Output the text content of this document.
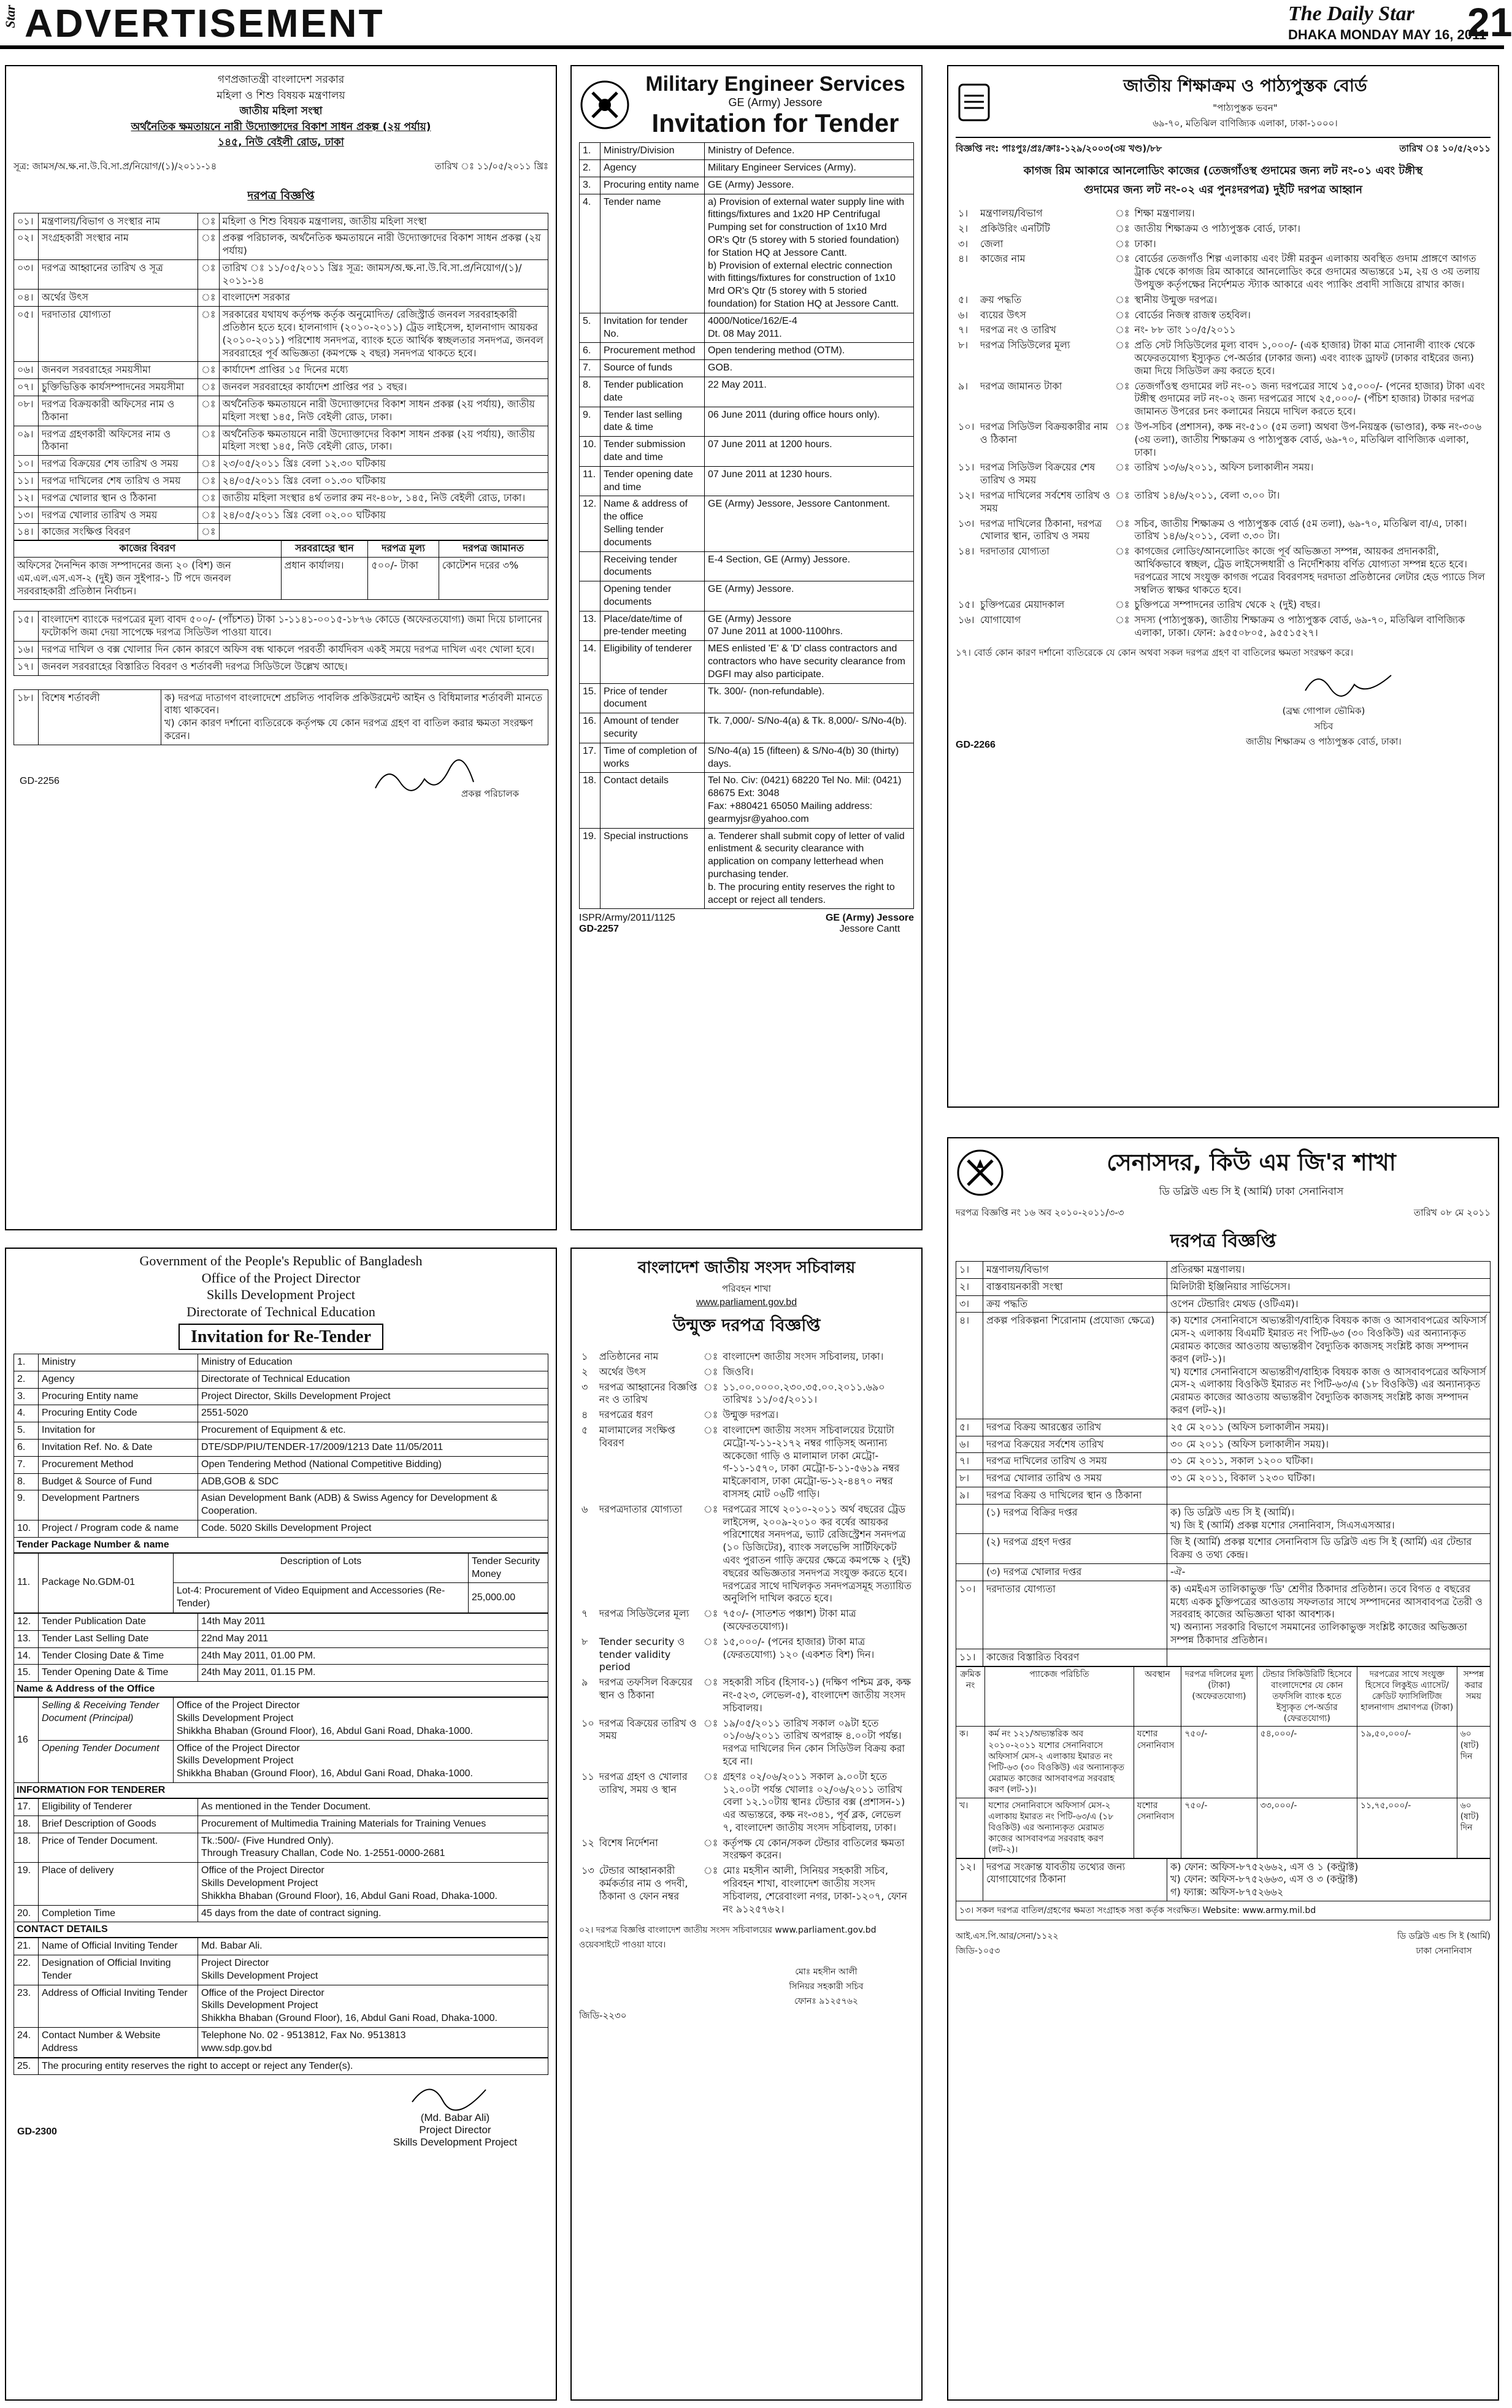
Star ADVERTISEMENT	The Daily Star
DHAKA MONDAY MAY 16, 2011
21
গণপ্রজাতন্ত্রী বাংলাদেশ সরকার
মহিলা ও শিশু বিষয়ক মন্ত্রণালয়
জাতীয় মহিলা সংস্থা
অর্থনৈতিক ক্ষমতায়নে নারী উদ্যোক্তাদের বিকাশ সাধন প্রকল্প (২য় পর্যায়)
১৪৫, নিউ বেইলী রোড, ঢাকা
সূত্র: জামস/অ.ক্ষ.না.উ.বি.সা.প্র/নিয়োগ/(১)/২০১১-১৪	তারিখ ঃ ১১/০৫/২০১১ খ্রিঃ
দরপত্র বিজ্ঞপ্তি
০১।	মন্ত্রণালয়/বিভাগ ও সংস্থার নাম	ঃ	মহিলা ও শিশু বিষয়ক মন্ত্রণালয়, জাতীয় মহিলা সংস্থা
০২।	সংগ্রহকারী সংস্থার নাম	ঃ	প্রকল্প পরিচালক, অর্থনৈতিক ক্ষমতায়নে নারী উদ্যোক্তাদের বিকাশ সাধন প্রকল্প (২য় পর্যায়)
০৩।	দরপত্র আহ্বানের তারিখ ও সূত্র	ঃ	তারিখ ঃ ১১/০৫/২০১১ খ্রিঃ সূত্র: জামস/অ.ক্ষ.না.উ.বি.সা.প্র/নিয়োগ/(১)/২০১১-১৪
০৪।	অর্থের উৎস	ঃ	বাংলাদেশ সরকার
০৫।	দরদাতার যোগ্যতা	ঃ	সরকারের যথাযথ কর্তৃপক্ষ কর্তৃক অনুমোদিত/ রেজিস্ট্রার্ড জনবল সরবরাহকারী প্রতিষ্ঠান হতে হবে। হালনাগাদ (২০১০-২০১১) ট্রেড লাইসেন্স, হালনাগাদ আয়কর (২০১০-২০১১) পরিশোধ সনদপত্র, ব্যাংক হতে আর্থিক স্বচ্ছলতার সনদপত্র, জনবল সরবরাহের পূর্ব অভিজ্ঞতা (কমপক্ষে ২ বছর) সনদপত্র থাকতে হবে।
০৬।	জনবল সরবরাহের সময়সীমা	ঃ	কার্যাদেশ প্রাপ্তির ১৫ দিনের মধ্যে
০৭।	চুক্তিভিত্তিক কার্যসম্পাদনের সময়সীমা	ঃ	জনবল সরবরাহের কার্যাদেশ প্রাপ্তির পর ১ বছর।
০৮।	দরপত্র বিক্রয়কারী অফিসের নাম ও ঠিকানা	ঃ	অর্থনৈতিক ক্ষমতায়নে নারী উদ্যোক্তাদের বিকাশ সাধন প্রকল্প (২য় পর্যায়), জাতীয় মহিলা সংস্থা ১৪৫, নিউ বেইলী রোড, ঢাকা।
০৯।	দরপত্র গ্রহণকারী অফিসের নাম ও ঠিকানা	ঃ	অর্থনৈতিক ক্ষমতায়নে নারী উদ্যোক্তাদের বিকাশ সাধন প্রকল্প (২য় পর্যায়), জাতীয় মহিলা সংস্থা ১৪৫, নিউ বেইলী রোড, ঢাকা।
১০।	দরপত্র বিক্রয়ের শেষ তারিখ ও সময়	ঃ	২৩/০৫/২০১১ খ্রিঃ বেলা ১২.৩০ ঘটিকায়
১১।	দরপত্র দাখিলের শেষ তারিখ ও সময়	ঃ	২৪/০৫/২০১১ খ্রিঃ বেলা ০১.৩০ ঘটিকায়
১২।	দরপত্র খোলার স্থান ও ঠিকানা	ঃ	জাতীয় মহিলা সংস্থার ৪র্থ তলার রুম নং-৪০৮, ১৪৫, নিউ বেইলী রোড, ঢাকা।
১৩।	দরপত্র খোলার তারিখ ও সময়	ঃ	২৪/০৫/২০১১ খ্রিঃ বেলা ০২.০০ ঘটিকায়
১৪।	কাজের সংক্ষিপ্ত বিবরণ	ঃ	
কাজের বিবরণ	সরবরাহের স্থান	দরপত্র মূল্য	দরপত্র জামানত
অফিসের দৈনন্দিন কাজ সম্পাদনের জন্য ২০ (বিশ) জন এম.এল.এস.এস-২ (দুই) জন সুইপার-১ টি পদে জনবল সরবরাহকারী প্রতিষ্ঠান নির্বাচন।	প্রধান কার্যালয়।	৫০০/- টাকা	কোটেশন দরের ৩%
১৫।	বাংলাদেশ ব্যাংকে দরপত্রের মূল্য বাবদ ৫০০/- (পাঁচশত) টাকা ১-১১৪১-০০১৫-১৮৭৬ কোডে (অফেরতযোগ্য) জমা দিয়ে চালানের ফটোকপি জমা দেয়া সাপেক্ষে দরপত্র সিডিউল পাওয়া যাবে।
১৬।	দরপত্র দাখিল ও বক্স খোলার দিন কোন কারণে অফিস বন্ধ থাকলে পরবর্তী কার্যদিবস একই সময়ে দরপত্র দাখিল এবং খোলা হবে।
১৭।	জনবল সরবরাহের বিস্তারিত বিবরণ ও শর্তাবলী দরপত্র সিডিউলে উল্লেখ আছে।
১৮।	বিশেষ শর্তাবলী	ক) দরপত্র দাতাগণ বাংলাদেশে প্রচলিত পাবলিক প্রকিউরমেন্ট আইন ও বিধিমালার শর্তাবলী মানতে বাধ্য থাকবেন।
খ) কোন কারণ দর্শানো ব্যতিরেকে কর্তৃপক্ষ যে কোন দরপত্র গ্রহণ বা বাতিল করার ক্ষমতা সংরক্ষণ করেন।
প্রকল্প পরিচালক
GD-2256
Military Engineer Services
GE (Army) Jessore
Invitation for Tender
1.	Ministry/Division	Ministry of Defence.
2.	Agency	Military Engineer Services (Army).
3.	Procuring entity name	GE (Army) Jessore.
4.	Tender name	a) Provision of external water supply line with fittings/fixtures and 1x20 HP Centrifugal Pumping set for construction of 1x10 Mrd OR's Qtr (5 storey with 5 storied foundation) for Station HQ at Jessore Cantt.
b) Provision of external electric connection with fittings/fixtures for construction of 1x10 Mrd OR's Qtr (5 storey with 5 storied foundation) for Station HQ at Jessore Cantt.
5.	Invitation for tender No.	4000/Notice/162/E-4
Dt. 08 May 2011.
6.	Procurement method	Open tendering method (OTM).
7.	Source of funds	GOB.
8.	Tender publication date	22 May 2011.
9.	Tender last selling date & time	06 June 2011 (during office hours only).
10.	Tender submission date and time	07 June 2011 at 1200 hours.
11.	Tender opening date and time	07 June 2011 at 1230 hours.
12.	Name & address of the office
Selling tender documents	GE (Army) Jessore, Jessore Cantonment.
	Receiving tender documents	E-4 Section, GE (Army) Jessore.
	Opening tender documents	GE (Army) Jessore.
13.	Place/date/time of pre-tender meeting	GE (Army) Jessore
07 June 2011 at 1000-1100hrs.
14.	Eligibility of tenderer	MES enlisted 'E' & 'D' class contractors and contractors who have security clearance from DGFI may also participate.
15.	Price of tender document	Tk. 300/- (non-refundable).
16.	Amount of tender security	Tk. 7,000/- S/No-4(a) & Tk. 8,000/- S/No-4(b).
17.	Time of completion of works	S/No-4(a) 15 (fifteen) & S/No-4(b) 30 (thirty) days.
18.	Contact details	Tel No. Civ: (0421) 68220 Tel No. Mil: (0421) 68675 Ext: 3048
Fax: +880421 65050 Mailing address: gearmyjsr@yahoo.com
19.	Special instructions	a. Tenderer shall submit copy of letter of valid enlistment & security clearance with application on company letterhead when purchasing tender.
b. The procuring entity reserves the right to accept or reject all tenders.
ISPR/Army/2011/1125
GD-2257
GE (Army) Jessore
Jessore Cantt
জাতীয় শিক্ষাক্রম ও পাঠ্যপুস্তক বোর্ড
"পাঠ্যপুস্তক ভবন"
৬৯-৭০, মতিঝিল বাণিজ্যিক এলাকা, ঢাকা-১০০০।
বিজ্ঞপ্তি নং: পাঃপুঃ/প্রঃ/ক্রাঃ-১২৯/২০০৩(৩য় খণ্ড)/৮৮	তারিখ ঃ ১০/৫/২০১১
কাগজ রিম আকারে আনলোডিং কাজের (তেজগাঁওস্থ গুদামের জন্য লট নং-০১ এবং টঙ্গীস্থ
গুদামের জন্য লট নং-০২ এর পুনঃদরপত্র) দুইটি দরপত্র আহ্বান
১।	মন্ত্রণালয়/বিভাগ	ঃ	শিক্ষা মন্ত্রণালয়।
২।	প্রকিউরিং এনটিটি	ঃ	জাতীয় শিক্ষাক্রম ও পাঠ্যপুস্তক বোর্ড, ঢাকা।
৩।	জেলা	ঃ	ঢাকা।
৪।	কাজের নাম	ঃ	বোর্ডের তেজগাঁও শিল্প এলাকায় এবং টঙ্গী মরকুন এলাকায় অবস্থিত গুদাম প্রাঙ্গণে আগত ট্রাক থেকে কাগজ রিম আকারে আনলোডিং করে গুদামের অভ্যন্তরে ১ম, ২য় ও ৩য় তলায় উপযুক্ত কর্তৃপক্ষের নির্দেশমত স্ট্যাক আকারে এবং প্যাকিং প্রবাদী সাজিয়ে রাখার কাজ।
৫।	ক্রয় পদ্ধতি	ঃ	স্থানীয় উন্মুক্ত দরপত্র।
৬।	ব্যয়ের উৎস	ঃ	বোর্ডের নিজস্ব রাজস্ব তহবিল।
৭।	দরপত্র নং ও তারিখ	ঃ	নং- ৮৮ তাং ১০/৫/২০১১
৮।	দরপত্র সিডিউলের মূল্য	ঃ	প্রতি সেট সিডিউলের মূল্য বাবদ ১,০০০/- (এক হাজার) টাকা মাত্র সোনালী ব্যাংক থেকে অফেরতযোগ্য ইস্যুকৃত পে-অর্ডার (ঢাকার জন্য) এবং ব্যাংক ড্রাফট (ঢাকার বাইরের জন্য) জমা দিয়ে সিডিউল ক্রয় করতে হবে।
৯।	দরপত্র জামানত টাকা	ঃ	তেজগাঁওস্থ গুদামের লট নং-০১ জন্য দরপত্রের সাথে ১৫,০০০/- (পনের হাজার) টাকা এবং টঙ্গীস্থ গুদামের লট নং-০২ জন্য দরপত্রের সাথে ২৫,০০০/- (পঁচিশ হাজার) টাকার দরপত্র জামানত উপরের চনং কলামের নিয়মে দাখিল করতে হবে।
১০।	দরপত্র সিডিউল বিক্রয়কারীর নাম ও ঠিকানা	ঃ	উপ-সচিব (প্রশাসন), কক্ষ নং-৫১০ (৫ম তলা) অথবা উপ-নিয়ন্ত্রক (ভাণ্ডার), কক্ষ নং-৩০৬ (৩য় তলা), জাতীয় শিক্ষাক্রম ও পাঠ্যপুস্তক বোর্ড, ৬৯-৭০, মতিঝিল বাণিজ্যিক এলাকা, ঢাকা।
১১।	দরপত্র সিডিউল বিক্রয়ের শেষ তারিখ ও সময়	ঃ	তারিখ ১৩/৬/২০১১, অফিস চলাকালীন সময়।
১২।	দরপত্র দাখিলের সর্বশেষ তারিখ ও সময়	ঃ	তারিখ ১৪/৬/২০১১, বেলা ৩.০০ টা।
১৩।	দরপত্র দাখিলের ঠিকানা, দরপত্র খোলার স্থান, তারিখ ও সময়	ঃ	সচিব, জাতীয় শিক্ষাক্রম ও পাঠ্যপুস্তক বোর্ড (৫ম তলা), ৬৯-৭০, মতিঝিল বা/এ, ঢাকা। তারিখ ১৪/৬/২০১১, বেলা ৩.৩০ টা।
১৪।	দরদাতার যোগ্যতা	ঃ	কাগজের লোডিং/আনলোডিং কাজে পূর্ব অভিজ্ঞতা সম্পন্ন, আয়কর প্রদানকারী, আর্থিকভাবে স্বচ্ছল, ট্রেড লাইসেন্সধারী ও নির্দেশিকায় বর্ণিত যোগ্যতা সম্পন্ন হতে হবে। দরপত্রের সাথে সংযুক্ত কাগজ পত্রের বিবরণসহ দরদাতা প্রতিষ্ঠানের লেটার হেড প্যাডে সিল সম্বলিত স্বাক্ষর থাকতে হবে।
১৫।	চুক্তিপত্রের মেয়াদকাল	ঃ	চুক্তিপত্রে সম্পাদনের তারিখ থেকে ২ (দুই) বছর।
১৬।	যোগাযোগ	ঃ	সদস্য (পাঠ্যপুস্তক), জাতীয় শিক্ষাক্রম ও পাঠ্যপুস্তক বোর্ড, ৬৯-৭০, মতিঝিল বাণিজ্যিক এলাকা, ঢাকা। ফোন: ৯৫৫০৮০৫, ৯৫৫১৫২৭।
১৭। বোর্ড কোন কারণ দর্শানো ব্যতিরেকে যে কোন অথবা সকল দরপত্র গ্রহণ বা বাতিলের ক্ষমতা সংরক্ষণ করে।
(ব্রহ্ম গোপাল ভৌমিক)
সচিব
জাতীয় শিক্ষাক্রম ও পাঠ্যপুস্তক বোর্ড, ঢাকা।
GD-2266
Government of the People's Republic of Bangladesh
Office of the Project Director
Skills Development Project
Directorate of Technical Education
Invitation for Re-Tender
1.	Ministry	Ministry of Education
2.	Agency	Directorate of Technical Education
3.	Procuring Entity name	Project Director, Skills Development Project
4.	Procuring Entity Code	2551-5020
5.	Invitation for	Procurement of Equipment & etc.
6.	Invitation Ref. No. & Date	DTE/SDP/PIU/TENDER-17/2009/1213 Date 11/05/2011
7.	Procurement Method	Open Tendering Method (National Competitive Bidding)
8.	Budget & Source of Fund	ADB,GOB & SDC
9.	Development Partners	Asian Development Bank (ADB) & Swiss Agency for Development & Cooperation.
10.	Project / Program code & name	Code. 5020 Skills Development Project
Tender Package Number & name
11.	Package No.GDM-01	Description of Lots	Tender Security Money
		Lot-4: Procurement of Video Equipment and Accessories (Re-Tender)	25,000.00
12.	Tender Publication Date	14th May 2011
13.	Tender Last Selling Date	22nd May 2011
14.	Tender Closing Date & Time	24th May 2011, 01.00 PM.
15.	Tender Opening Date & Time	24th May 2011, 01.15 PM.
Name & Address of the Office
16	Selling & Receiving Tender Document (Principal)	Office of the Project Director
Skills Development Project
Shikkha Bhaban (Ground Floor), 16, Abdul Gani Road, Dhaka-1000.
	Opening Tender Document	Office of the Project Director
Skills Development Project
Shikkha Bhaban (Ground Floor), 16, Abdul Gani Road, Dhaka-1000.
INFORMATION FOR TENDERER
17.	Eligibility of Tenderer	As mentioned in the Tender Document.
18.	Brief Description of Goods	Procurement of Multimedia Training Materials for Training Venues
18.	Price of Tender Document.	Tk.:500/- (Five Hundred Only).
Through Treasury Challan, Code No. 1-2551-0000-2681
19.	Place of delivery	Office of the Project Director
Skills Development Project
Shikkha Bhaban (Ground Floor), 16, Abdul Gani Road, Dhaka-1000.
20.	Completion Time	45 days from the date of contract signing.
CONTACT DETAILS
21.	Name of Official Inviting Tender	Md. Babar Ali.
22.	Designation of Official Inviting Tender	Project Director
Skills Development Project
23.	Address of Official Inviting Tender	Office of the Project Director
Skills Development Project
Shikkha Bhaban (Ground Floor), 16, Abdul Gani Road, Dhaka-1000.
24.	Contact Number & Website Address	Telephone No. 02 - 9513812, Fax No. 9513813
www.sdp.gov.bd
25.	The procuring entity reserves the right to accept or reject any Tender(s).
(Md. Babar Ali)
Project Director
Skills Development Project
GD-2300
বাংলাদেশ জাতীয় সংসদ সচিবালয়
পরিবহন শাখা
www.parliament.gov.bd
উন্মুক্ত দরপত্র বিজ্ঞপ্তি
১	প্রতিষ্ঠানের নাম	ঃ	বাংলাদেশ জাতীয় সংসদ সচিবালয়, ঢাকা।
২	অর্থের উৎস	ঃ	জিওবি।
৩	দরপত্র আহ্বানের বিজ্ঞপ্তি নং ও তারিখ	ঃ	১১.০০.০০০০.২৩০.৩৫.০০.২০১১.৬৯০ তারিখঃ ১১/০৫/২০১১।
৪	দরপত্রের ধরণ	ঃ	উন্মুক্ত দরপত্র।
৫	মালামালের সংক্ষিপ্ত বিবরণ	ঃ	বাংলাদেশ জাতীয় সংসদ সচিবালয়ের টয়োটা মেট্রো-খ-১১-২১৭২ নম্বর গাড়িসহ অন্যান্য অকেজো গাড়ি ও মালামাল ঢাকা মেট্রো-গ-১১-১৫৭০, ঢাকা মেট্রো-চ-১১-৫৬১৯ নম্বর মাইক্রোবাস, ঢাকা মেট্রো-ভ-১২-৪৪৭০ নম্বর বাসসহ মোট ০৬টি গাড়ি।
৬	দরপত্রদাতার যোগ্যতা	ঃ	দরপত্রের সাথে ২০১০-২০১১ অর্থ বছরের ট্রেড লাইসেন্স, ২০০৯-২০১০ কর বর্ষের আয়কর পরিশোধের সনদপত্র, ভ্যাট রেজিস্ট্রেশন সনদপত্র (১০ ডিজিটের), ব্যাংক সলভেন্সি সার্টিফিকেট এবং পুরাতন গাড়ি ক্রয়ের ক্ষেত্রে কমপক্ষে ২ (দুই) বছরের অভিজ্ঞতার সনদপত্র সংযুক্ত করতে হবে। দরপত্রের সাথে দাখিলকৃত সনদপত্রসমূহ সত্যায়িত অনুলিপি দাখিল করতে হবে।
৭	দরপত্র সিডিউলের মূল্য	ঃ	৭৫০/- (সাতশত পঞ্চাশ) টাকা মাত্র (অফেরতযোগ্য)।
৮	Tender security ও tender validity period	ঃ	১৫,০০০/- (পনের হাজার) টাকা মাত্র (ফেরতযোগ্য) ১২০ (একশত বিশ) দিন।
৯	দরপত্র তফসিল বিক্রয়ের স্থান ও ঠিকানা	ঃ	সহকারী সচিব (হিসাব-১) (দক্ষিণ পশ্চিম ব্লক, কক্ষ নং-৫২৩, লেভেল-৫), বাংলাদেশ জাতীয় সংসদ সচিবালয়।
১০	দরপত্র বিক্রয়ের তারিখ ও সময়	ঃ	১৯/০৫/২০১১ তারিখ সকাল ০৯টা হতে ০১/০৬/২০১১ তারিখ অপরাহ্ন ৪.০০টা পর্যন্ত। দরপত্র দাখিলের দিন কোন সিডিউল বিক্রয় করা হবে না।
১১	দরপত্র গ্রহণ ও খোলার তারিখ, সময় ও স্থান	ঃ	গ্রহণঃ ০২/০৬/২০১১ সকাল ৯.০০টা হতে ১২.০০টা পর্যন্ত খোলাঃ ০২/০৬/২০১১ তারিখ বেলা ১২.১০টায় স্থানঃ টেন্ডার বক্স (প্রশাসন-১) এর অভ্যন্তরে, কক্ষ নং-৩৪১, পূর্ব ব্লক, লেভেল ৭, বাংলাদেশ জাতীয় সংসদ সচিবালয়, ঢাকা।
১২	বিশেষ নির্দেশনা	ঃ	কর্তৃপক্ষ যে কোন/সকল টেন্ডার বাতিলের ক্ষমতা সংরক্ষণ করেন।
১৩	টেন্ডার আহ্বানকারী কর্মকর্তার নাম ও পদবী, ঠিকানা ও ফোন নম্বর	ঃ	মোঃ মহসীন আলী, সিনিয়র সহকারী সচিব, পরিবহন শাখা, বাংলাদেশ জাতীয় সংসদ সচিবালয়, শেরেবাংলা নগর, ঢাকা-১২০৭, ফোন নং ৯১২৫৭৬২।
০২। দরপত্র বিজ্ঞপ্তি বাংলাদেশ জাতীয় সংসদ সচিবালয়ের www.parliament.gov.bd ওয়েবসাইটে পাওয়া যাবে।
মোঃ মহসীন আলী
সিনিয়র সহকারী সচিব
ফোনঃ ৯১২৫৭৬২
জিডি-২২৩০
সেনাসদর, কিউ এম জি'র শাখা
ডি ডব্লিউ এন্ড সি ই (আর্মি) ঢাকা সেনানিবাস
দরপত্র বিজ্ঞপ্তি নং ১৬ অব ২০১০-২০১১/৩-৩	তারিখ ০৮ মে ২০১১
দরপত্র বিজ্ঞপ্তি
১।	মন্ত্রণালয়/বিভাগ	প্রতিরক্ষা মন্ত্রণালয়।
২।	বাস্তবায়নকারী সংস্থা	মিলিটারী ইঞ্জিনিয়ার সার্ভিসেস।
৩।	ক্রয় পদ্ধতি	ওপেন টেন্ডারিং মেথড (ওটিএম)।
৪।	প্রকল্প পরিকল্পনা শিরোনাম (প্রযোজ্য ক্ষেত্রে)	ক) যশোর সেনানিবাসে অভ্যন্তরীণ/বাহ্যিক বিষয়ক কাজ ও আসবাবপত্রের অফিসার্স মেস-২ এলাকায় বিএমটি ইমারত নং পিটি-৬৩ (৩০ বিওকিউ) এর অন্যান্যকৃত মেরামত কাজের আওতায় অভ্যন্তরীণ বৈদ্যুতিক কাজসহ সংশ্লিষ্ট কাজ সম্পাদন করণ (লট-১)।
খ) যশোর সেনানিবাসে অভ্যন্তরীণ/বাহ্যিক বিষয়ক কাজ ও আসবাবপত্রের অফিসার্স মেস-২ এলাকায় বিওকিউ ইমারত নং পিটি-৬৩/এ (১৮ বিওকিউ) এর অন্যান্যকৃত মেরামত কাজের আওতায় অভ্যন্তরীণ বৈদ্যুতিক কাজসহ সংশ্লিষ্ট কাজ সম্পাদন করণ (লট-২)।
৫।	দরপত্র বিক্রয় আরম্ভের তারিখ	২৫ মে ২০১১ (অফিস চলাকালীন সময়)।
৬।	দরপত্র বিক্রয়ের সর্বশেষ তারিখ	৩০ মে ২০১১ (অফিস চলাকালীন সময়)।
৭।	দরপত্র দাখিলের তারিখ ও সময়	৩১ মে ২০১১, সকাল ১২০০ ঘটিকা।
৮।	দরপত্র খোলার তারিখ ও সময়	৩১ মে ২০১১, বিকাল ১২৩০ ঘটিকা।
৯।	দরপত্র বিক্রয় ও দাখিলের স্থান ও ঠিকানা	
	(১) দরপত্র বিক্রির দপ্তর	ক) ডি ডব্লিউ এন্ড সি ই (আর্মি)।
খ) জি ই (আর্মি) প্রকল্প যশোর সেনানিবাস, সিএসএসআর।
	(২) দরপত্র গ্রহণ দপ্তর	জি ই (আর্মি) প্রকল্প যশোর সেনানিবাস ডি ডব্লিউ এন্ড সি ই (আর্মি) এর টেন্ডার বিক্রয় ও তথ্য কেন্দ্র।
	(৩) দরপত্র খোলার দপ্তর	-ঐ-
১০।	দরদাতার যোগ্যতা	ক) এমইএস তালিকাভুক্ত 'ডি' শ্রেণীর ঠিকাদার প্রতিষ্ঠান। তবে বিগত ৫ বছরের মধ্যে একক চুক্তিপত্রের আওতায় সফলতার সাথে সম্পাদনের আসবাবপত্র তৈরী ও সরবরাহ কাজের অভিজ্ঞতা থাকা আবশ্যক।
খ) অন্যান্য সরকারি বিভাগে সমমানের তালিকাভুক্ত সংশ্লিষ্ট কাজের অভিজ্ঞতা সম্পন্ন ঠিকাদার প্রতিষ্ঠান।
১১।	কাজের বিস্তারিত বিবরণ	
ক্রমিক নং	প্যাকেজ পরিচিতি	অবস্থান	দরপত্র দলিলের মূল্য (টাকা) (অফেরতযোগ্য)	টেন্ডার সিকিউরিটি হিসেবে বাংলাদেশের যে কোন তফসিলি ব্যাংক হতে ইস্যুকৃত পে-অর্ডার (ফেরতযোগ্য)	দরপত্রের সাথে সংযুক্ত হিসেবে লিকুইড এ্যাসেট/ক্রেডিট ফ্যাসিলিটিজ হালনাগাদ প্রমাণপত্র (টাকা)	সম্পন্ন করার সময়
ক।	কর্ম নং ১২১/অভ্যন্তরিক অব ২০১০-২০১১ যশোর সেনানিবাসে অফিসার্স মেস-২ এলাকায় ইমারত নং পিটি-৬৩ (৩০ বিওকিউ) এর অন্যান্যকৃত মেরামত কাজের আসবাবপত্র সরবরাহ করণ (লট-১)।	যশোর সেনানিবাস	৭৫০/-	৫৪,০০০/-	১৯,৫০,০০০/-	৬০ (ষাট) দিন
খ।	যশোর সেনানিবাসে অফিসার্স মেস-২ এলাকায় ইমারত নং পিটি-৬৩/এ (১৮ বিওকিউ) এর অন্যান্যকৃত মেরামত কাজের আসবাবপত্র সরবরাহ করণ (লট-২)।	যশোর সেনানিবাস	৭৫০/-	৩৩,০০০/-	১১,৭৫,০০০/-	৬০ (ষাট) দিন
১২।	দরপত্র সংক্রান্ত যাবতীয় তথ্যের জন্য যোগাযোগের ঠিকানা	ক) ফোন: অফিস-৮৭৫২৬৬২, এস ও ১ (কন্ট্রাক্ট)
খ) ফোন: অফিস-৮৭৫২৬৬৩, এস ও ৩ (কন্ট্রাক্ট)
গ) ফ্যাক্স: অফিস-৮৭৫২৬৬২
১৩। সকল দরপত্র বাতিল/গ্রহণের ক্ষমতা সংগ্রাহক সত্তা কর্তৃক সংরক্ষিত। Website: www.army.mil.bd
আই.এস.পি.আর/সেনা/১১২২
জিডি-১০৫৩
ডি ডব্লিউ এন্ড সি ই (আর্মি)
ঢাকা সেনানিবাস
